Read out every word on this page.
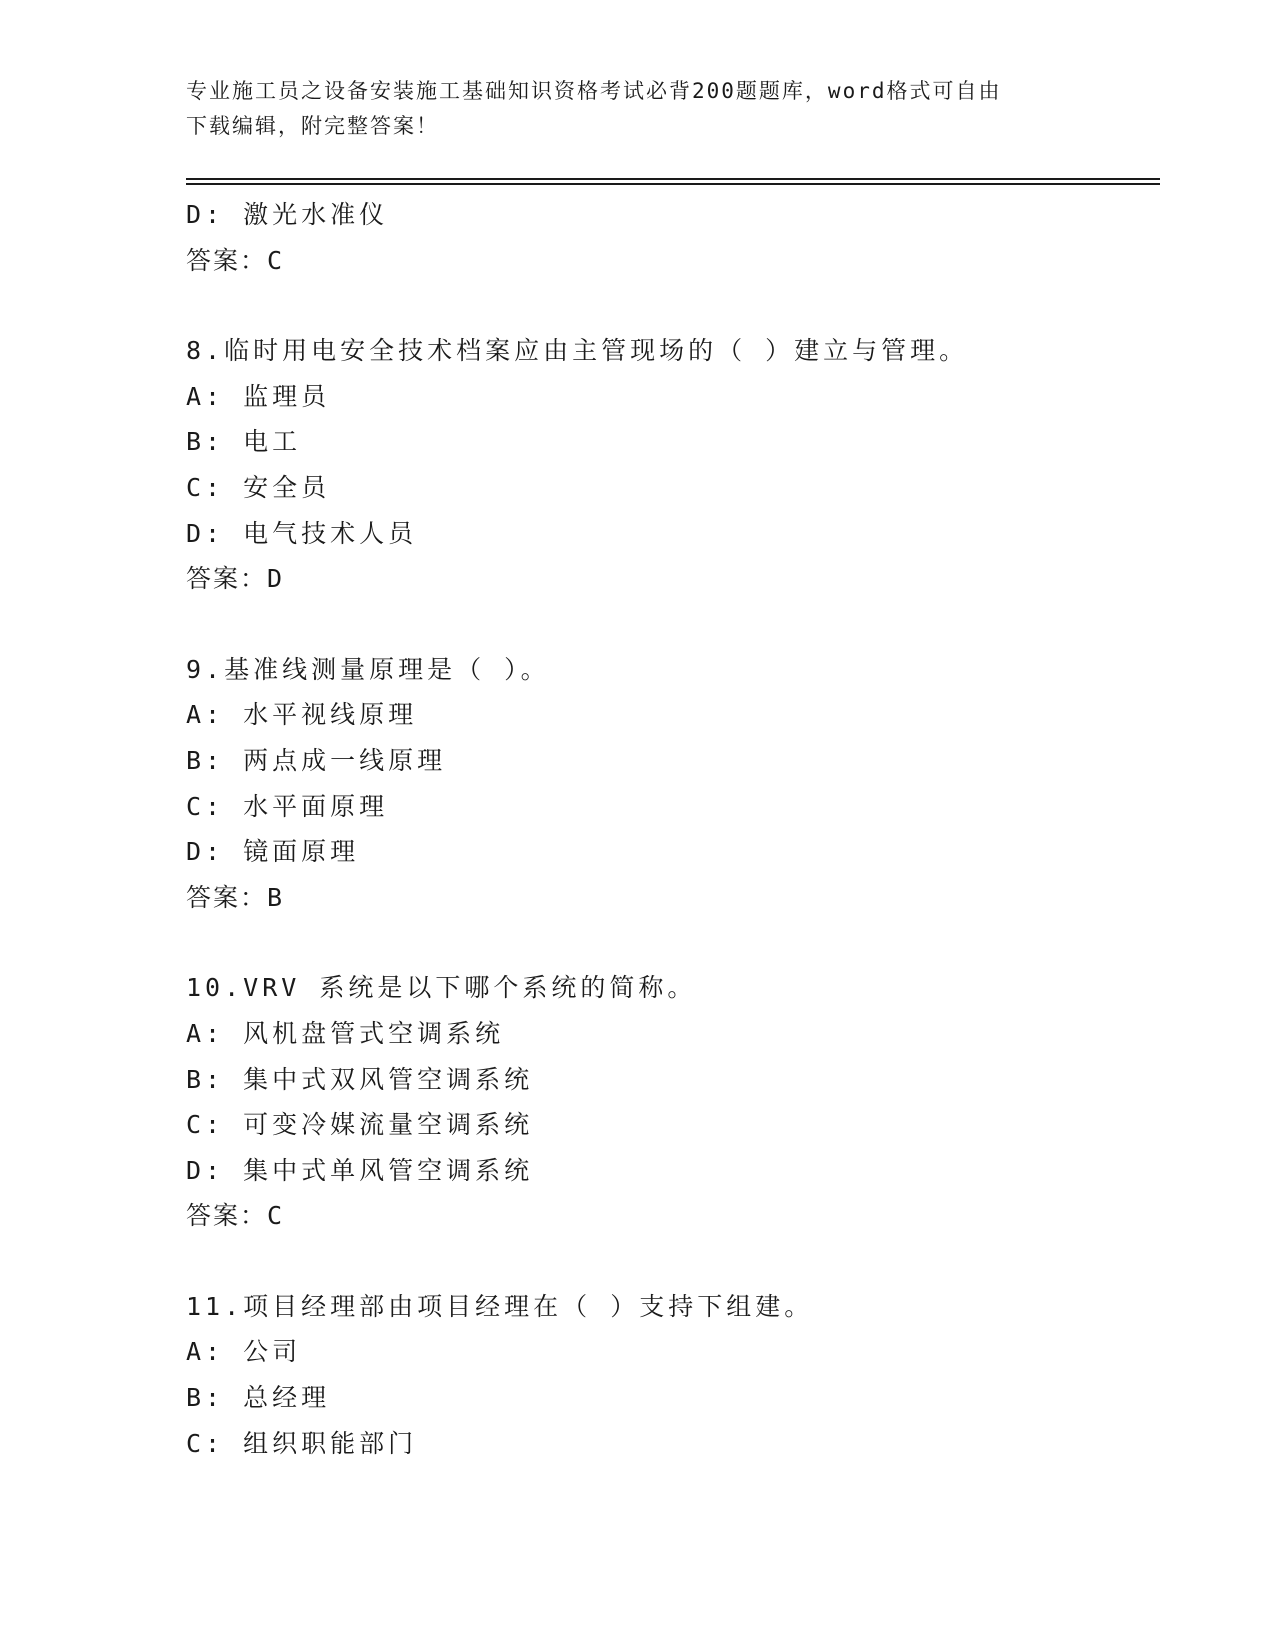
专业施工员之设备安装施工基础知识资格考试必背200题题库，word格式可自由
下载编辑，附完整答案！
D: 激光水准仪
答案：C
8.临时用电安全技术档案应由主管现场的（ ）建立与管理。
A: 监理员
B: 电工
C: 安全员
D: 电气技术人员
答案：D
9.基准线测量原理是（ ）。
A: 水平视线原理
B: 两点成一线原理
C: 水平面原理
D: 镜面原理
答案：B
10.VRV 系统是以下哪个系统的简称。
A: 风机盘管式空调系统
B: 集中式双风管空调系统
C: 可变冷媒流量空调系统
D: 集中式单风管空调系统
答案：C
11.项目经理部由项目经理在（ ）支持下组建。
A: 公司
B: 总经理
C: 组织职能部门
